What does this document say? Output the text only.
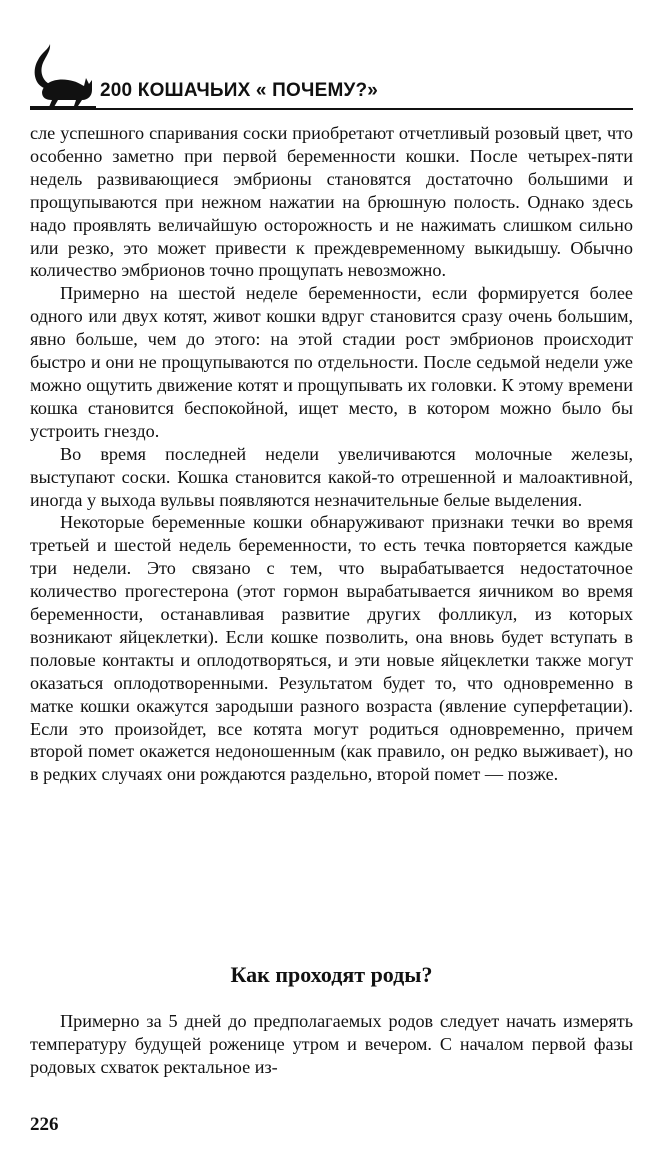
200 КОШАЧЬИХ « ПОЧЕМУ?»

сле успешного спаривания соски приобретают отчетливый розовый цвет, что особенно заметно при первой беременности кошки. После четырех-пяти недель развивающиеся эмбрионы становятся достаточно большими и прощупываются при нежном нажатии на брюшную полость. Однако здесь надо проявлять величайшую осторожность и не нажимать слишком сильно или резко, это может привести к преждевременному выкидышу. Обычно количество эмбрионов точно прощупать невозможно.

Примерно на шестой неделе беременности, если формируется более одного или двух котят, живот кошки вдруг становится сразу очень большим, явно больше, чем до этого: на этой стадии рост эмбрионов происходит быстро и они не прощупываются по отдельности. После седьмой недели уже можно ощутить движение котят и прощупывать их головки. К этому времени кошка становится беспокойной, ищет место, в котором можно было бы устроить гнездо.

Во время последней недели увеличиваются молочные железы, выступают соски. Кошка становится какой-то отрешенной и малоактивной, иногда у выхода вульвы появляются незначительные белые выделения.

Некоторые беременные кошки обнаруживают признаки течки во время третьей и шестой недель беременности, то есть течка повторяется каждые три недели. Это связано с тем, что вырабатывается недостаточное количество прогестерона (этот гормон вырабатывается яичником во время беременности, останавливая развитие других фолликул, из которых возникают яйцеклетки). Если кошке позволить, она вновь будет вступать в половые контакты и оплодотворяться, и эти новые яйцеклетки также могут оказаться оплодотворенными. Результатом будет то, что одновременно в матке кошки окажутся зародыши разного возраста (явление суперфетации). Если это произойдет, все котята могут родиться одновременно, причем второй помет окажется недоношенным (как правило, он редко выживает), но в редких случаях они рождаются раздельно, второй помет — позже.

Как проходят роды?

Примерно за 5 дней до предполагаемых родов следует начать измерять температуру будущей роженице утром и вечером. С началом первой фазы родовых схваток ректальное из-

226
